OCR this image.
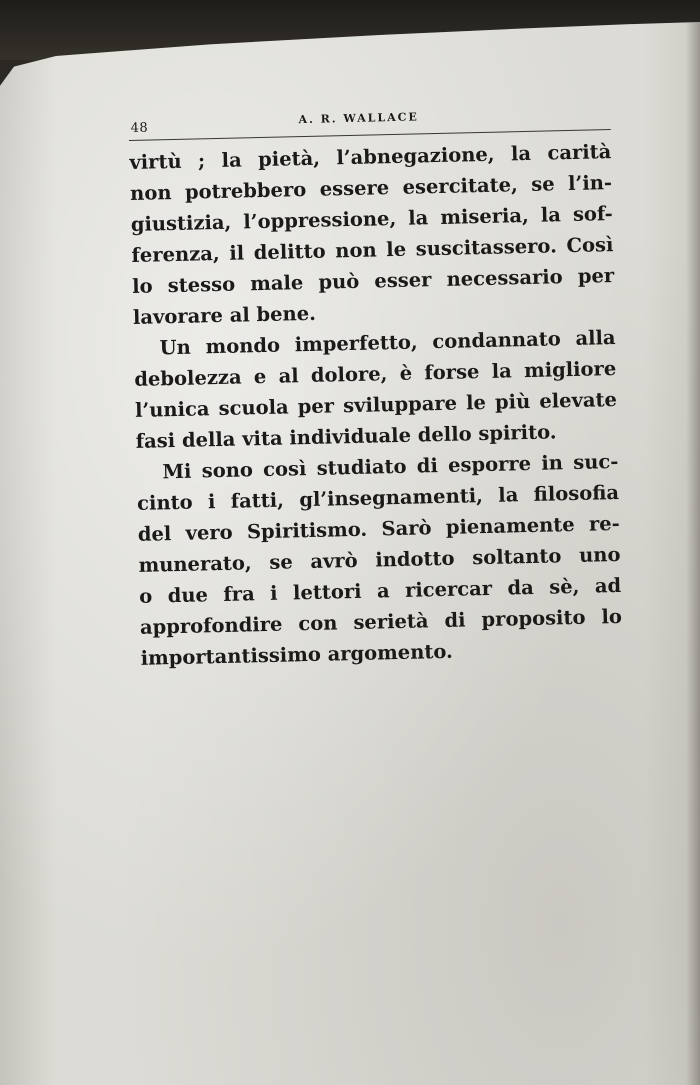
48
A. R. WALLACE
virtù ; la pietà, l’abnegazione, la carità
non potrebbero essere esercitate, se l’in-
giustizia, l’oppressione, la miseria, la sof-
ferenza, il delitto non le suscitassero. Così
lo stesso male può esser necessario per
lavorare al bene.
Un mondo imperfetto, condannato alla
debolezza e al dolore, è forse la migliore
l’unica scuola per sviluppare le più elevate
fasi della vita individuale dello spirito.
Mi sono così studiato di esporre in suc-
cinto i fatti, gl’insegnamenti, la filosofia
del vero Spiritismo. Sarò pienamente re-
munerato, se avrò indotto soltanto uno
o due fra i lettori a ricercar da sè, ad
approfondire con serietà di proposito lo
importantissimo argomento.
